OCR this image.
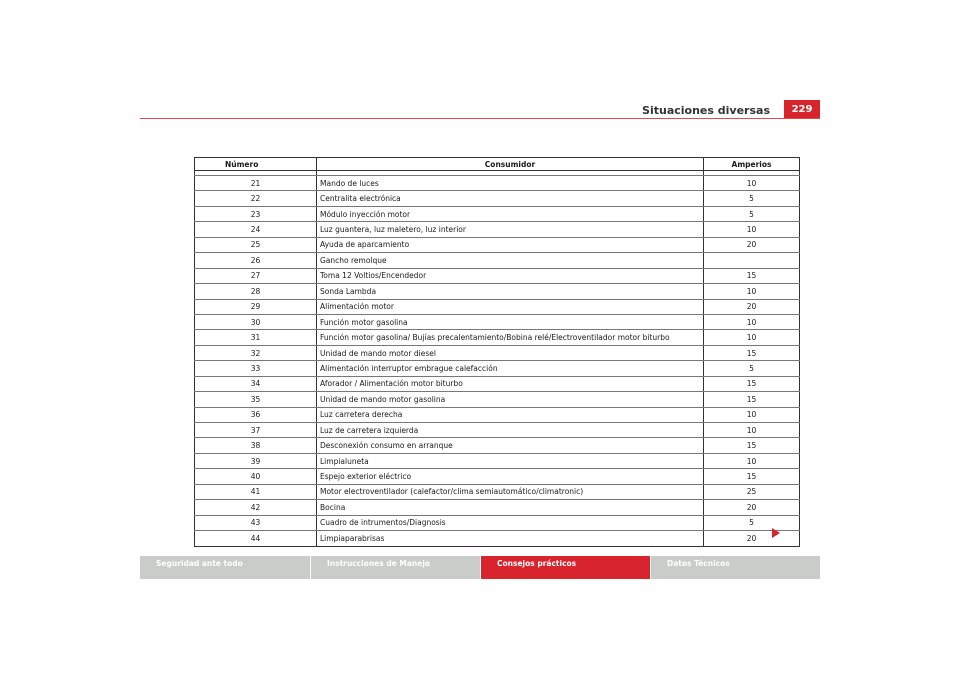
Situaciones diversas	229
Número	Consumidor	Amperios

21	Mando de luces	10
22	Centralita electrónica	5
23	Módulo inyección motor	5
24	Luz guantera, luz maletero, luz interior	10
25	Ayuda de aparcamiento	20
26	Gancho remolque	
27	Toma 12 Voltios/Encendedor	15
28	Sonda Lambda	10
29	Alimentación motor	20
30	Función motor gasolina	10
31	Función motor gasolina/ Bujías precalentamiento/Bobina relé/Electroventilador motor biturbo	10
32	Unidad de mando motor diesel	15
33	Alimentación interruptor embrague calefacción	5
34	Aforador / Alimentación motor biturbo	15
35	Unidad de mando motor gasolina	15
36	Luz carretera derecha	10
37	Luz de carretera izquierda	10
38	Desconexión consumo en arranque	15
39	Limpialuneta	10
40	Espejo exterior eléctrico	15
41	Motor electroventilador (calefactor/clima semiautomático/climatronic)	25
42	Bocina	20
43	Cuadro de intrumentos/Diagnosis	5
44	Limpiaparabrisas	20
Seguridad ante todo	Instrucciones de Manejo	Consejos prácticos	Datos Técnicos
